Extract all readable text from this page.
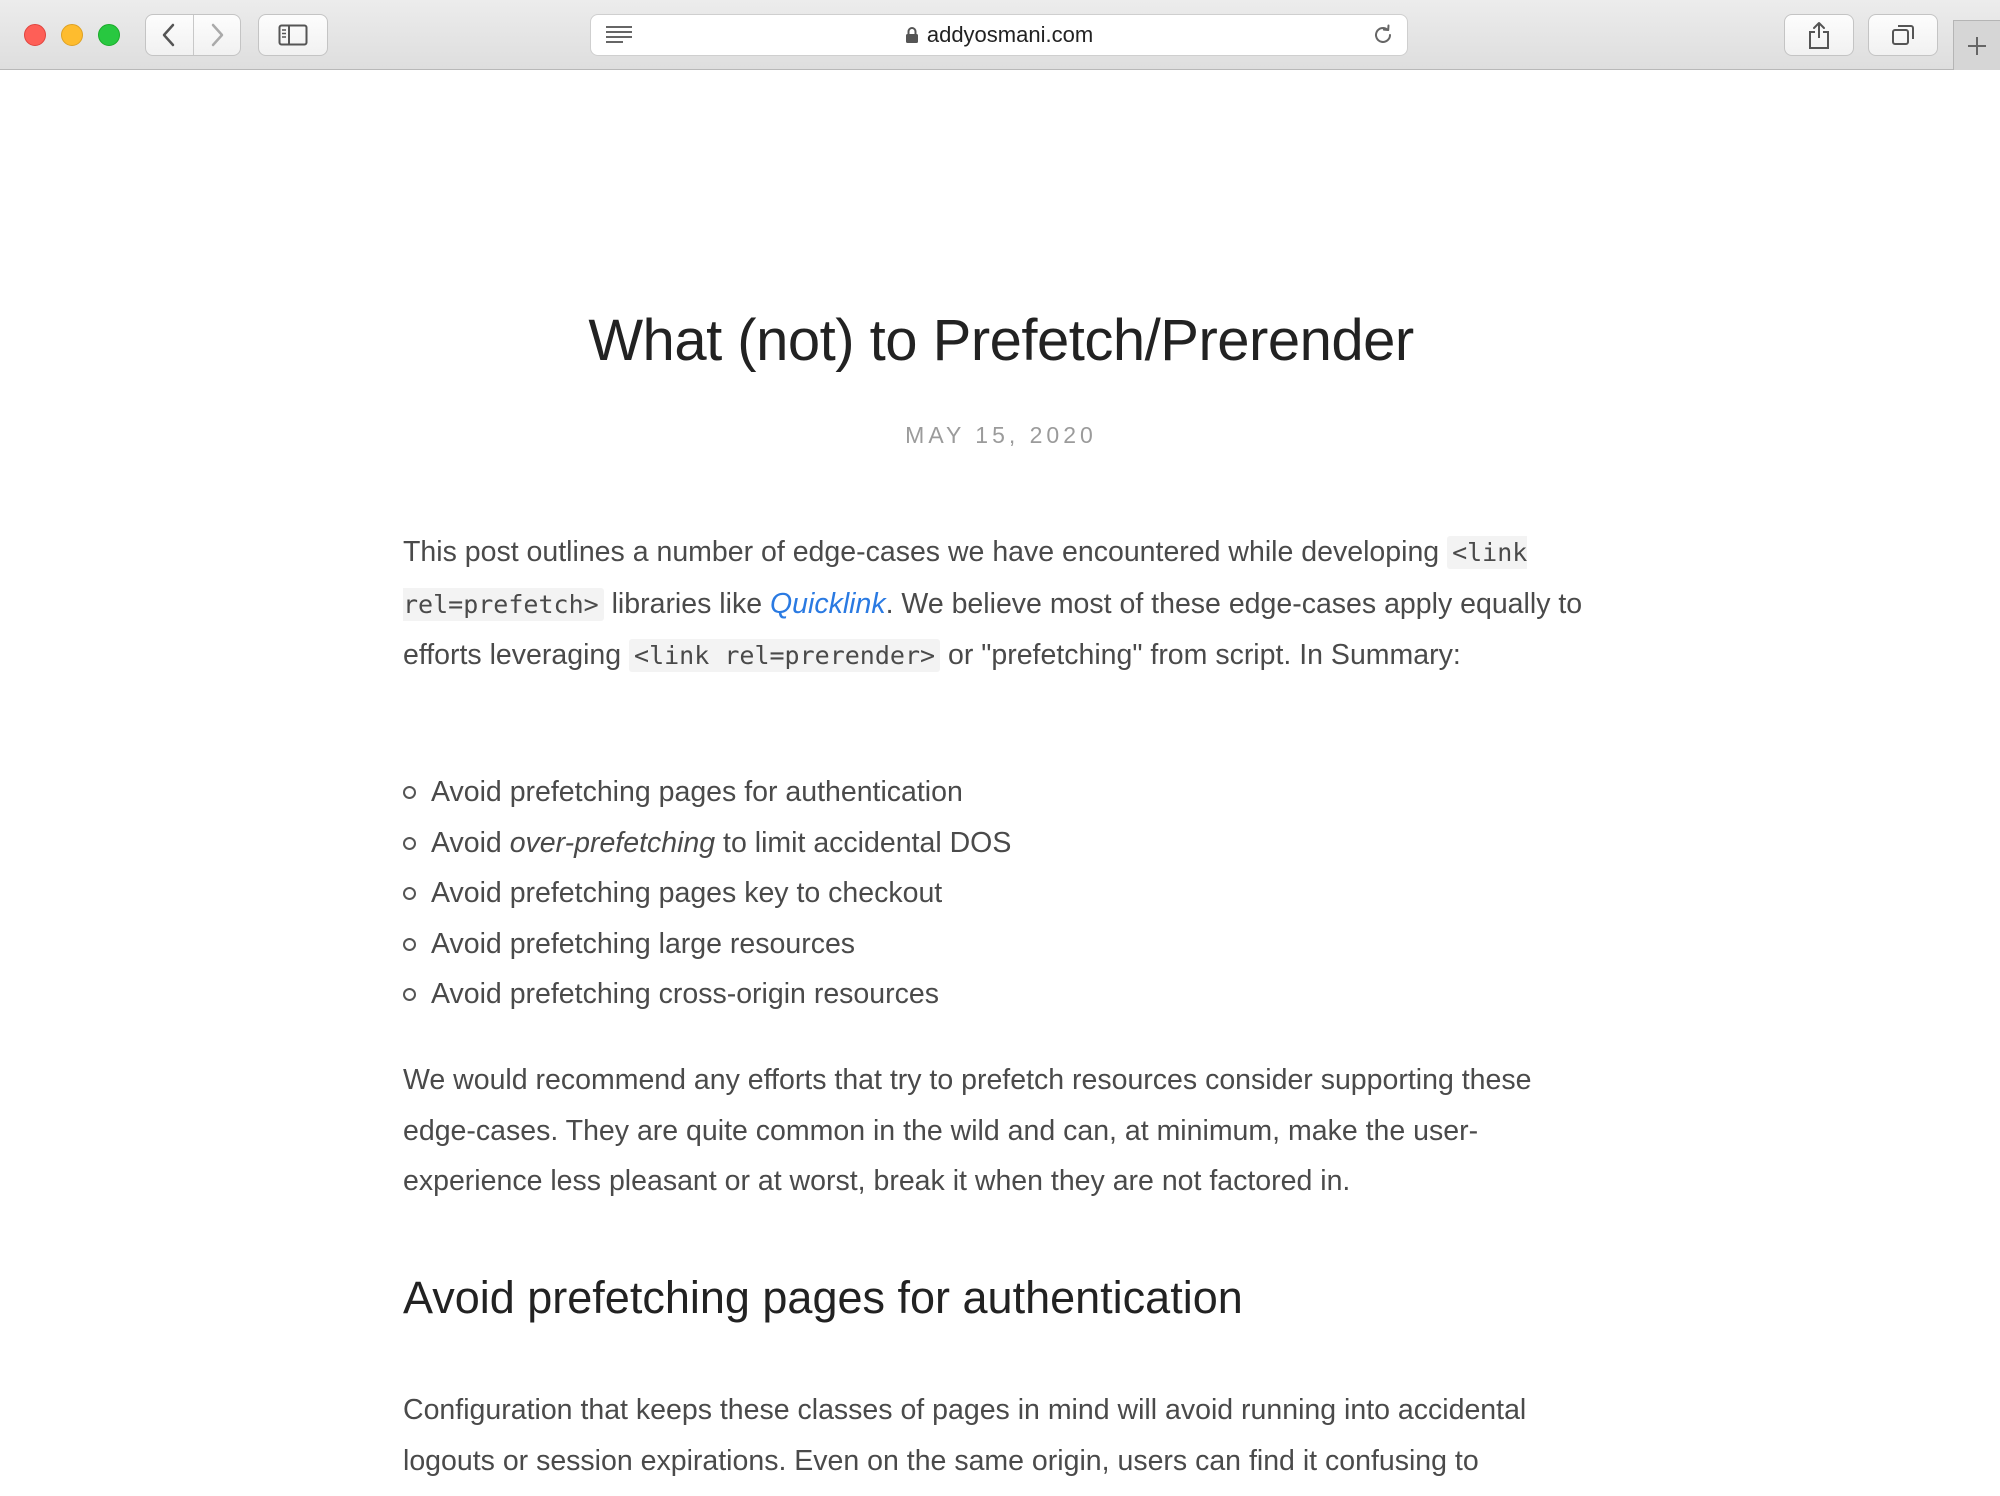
addyosmani.com
What (not) to Prefetch/Prerender
MAY 15, 2020

This post outlines a number of edge-cases we have encountered while developing <link rel=prefetch> libraries like Quicklink. We believe most of these edge-cases apply equally to efforts leveraging <link rel=prerender> or "prefetching" from script. In Summary:

Avoid prefetching pages for authentication
Avoid over-prefetching to limit accidental DOS
Avoid prefetching pages key to checkout
Avoid prefetching large resources
Avoid prefetching cross-origin resources

We would recommend any efforts that try to prefetch resources consider supporting these edge-cases. They are quite common in the wild and can, at minimum, make the user-experience less pleasant or at worst, break it when they are not factored in.

Avoid prefetching pages for authentication

Configuration that keeps these classes of pages in mind will avoid running into accidental logouts or session expirations. Even on the same origin, users can find it confusing to
